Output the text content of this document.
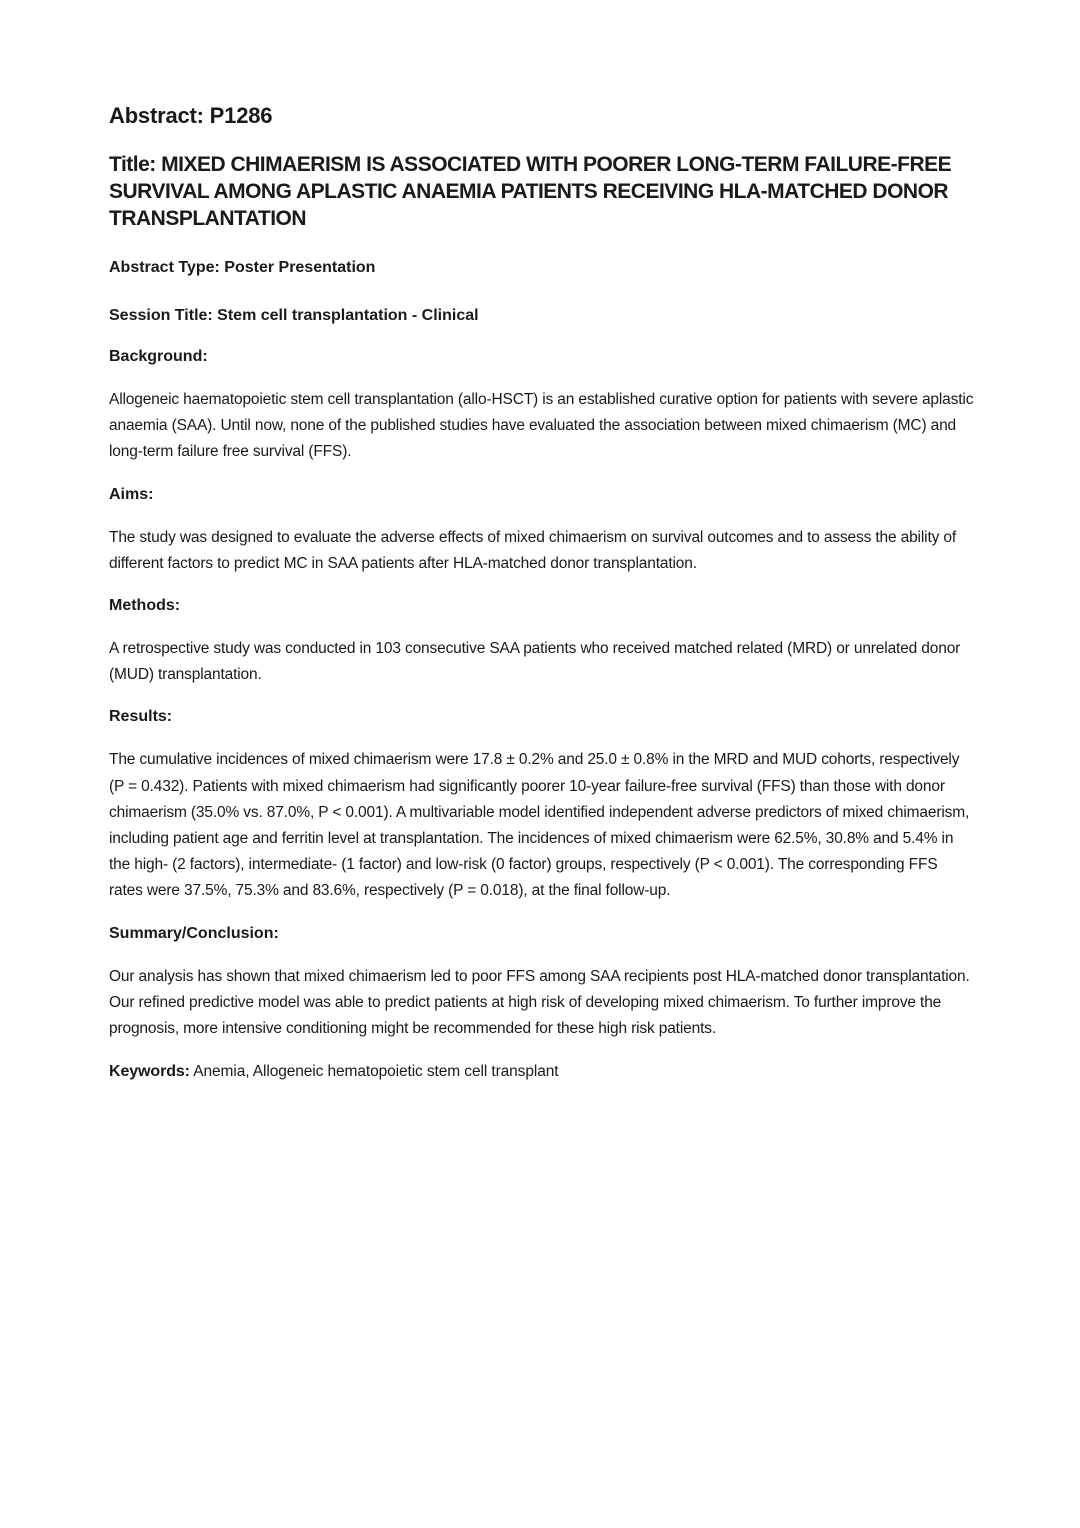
Abstract: P1286
Title: MIXED CHIMAERISM IS ASSOCIATED WITH POORER LONG-TERM FAILURE-FREE SURVIVAL AMONG APLASTIC ANAEMIA PATIENTS RECEIVING HLA-MATCHED DONOR TRANSPLANTATION

Abstract Type: Poster Presentation

Session Title: Stem cell transplantation - Clinical

Background:

Allogeneic haematopoietic stem cell transplantation (allo-HSCT) is an established curative option for patients with severe aplastic anaemia (SAA). Until now, none of the published studies have evaluated the association between mixed chimaerism (MC) and long-term failure free survival (FFS).

Aims:

The study was designed to evaluate the adverse effects of mixed chimaerism on survival outcomes and to assess the ability of different factors to predict MC in SAA patients after HLA-matched donor transplantation.

Methods:

A retrospective study was conducted in 103 consecutive SAA patients who received matched related (MRD) or unrelated donor (MUD) transplantation.

Results:

The cumulative incidences of mixed chimaerism were 17.8 ± 0.2% and 25.0 ± 0.8% in the MRD and MUD cohorts, respectively (P = 0.432). Patients with mixed chimaerism had significantly poorer 10-year failure-free survival (FFS) than those with donor chimaerism (35.0% vs. 87.0%, P < 0.001). A multivariable model identified independent adverse predictors of mixed chimaerism, including patient age and ferritin level at transplantation. The incidences of mixed chimaerism were 62.5%, 30.8% and 5.4% in the high- (2 factors), intermediate- (1 factor) and low-risk (0 factor) groups, respectively (P < 0.001). The corresponding FFS rates were 37.5%, 75.3% and 83.6%, respectively (P = 0.018), at the final follow-up.

Summary/Conclusion:

Our analysis has shown that mixed chimaerism led to poor FFS among SAA recipients post HLA-matched donor transplantation. Our refined predictive model was able to predict patients at high risk of developing mixed chimaerism. To further improve the prognosis, more intensive conditioning might be recommended for these high risk patients.

Keywords: Anemia, Allogeneic hematopoietic stem cell transplant
